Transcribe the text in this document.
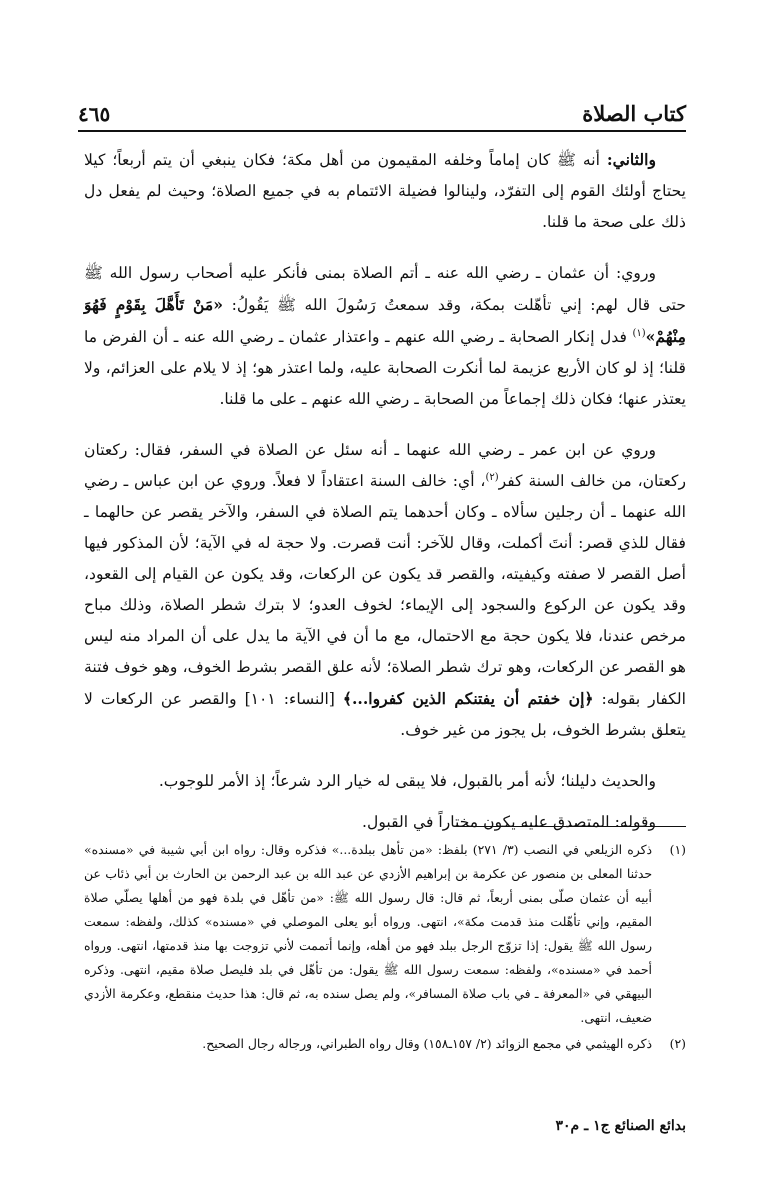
كتاب الصلاة
٤٦٥

والثاني: أنه ﷺ كان إماماً وخلفه المقيمون من أهل مكة؛ فكان ينبغي أن يتم أربعاً؛ كيلا يحتاج أولئك القوم إلى التفرّد، ولينالوا فضيلة الائتمام به في جميع الصلاة؛ وحيث لم يفعل دل ذلك على صحة ما قلنا.

وروي: أن عثمان ـ رضي الله عنه ـ أتم الصلاة بمنى فأنكر عليه أصحاب رسول الله ﷺ حتى قال لهم: إني تأهّلت بمكة، وقد سمعتُ رَسُولَ الله ﷺ يَقُولُ: «مَنْ تَأَهَّلَ بِقَوْمٍ فَهُوَ مِنْهُمْ»$^{(١)}$ فدل إنكار الصحابة ـ رضي الله عنهم ـ واعتذار عثمان ـ رضي الله عنه ـ أن الفرض ما قلنا؛ إذ لو كان الأربع عزيمة لما أنكرت الصحابة عليه، ولما اعتذر هو؛ إذ لا يلام على العزائم، ولا يعتذر عنها؛ فكان ذلك إجماعاً من الصحابة ـ رضي الله عنهم ـ على ما قلنا.

وروي عن ابن عمر ـ رضي الله عنهما ـ أنه سئل عن الصلاة في السفر، فقال: ركعتان ركعتان، من خالف السنة كفر$^{(٢)}$، أي: خالف السنة اعتقاداً لا فعلاً. وروي عن ابن عباس ـ رضي الله عنهما ـ أن رجلين سألاه ـ وكان أحدهما يتم الصلاة في السفر، والآخر يقصر عن حالهما ـ فقال للذي قصر: أنتَ أكملت، وقال للآخر: أنت قصرت. ولا حجة له في الآية؛ لأن المذكور فيها أصل القصر لا صفته وكيفيته، والقصر قد يكون عن الركعات، وقد يكون عن القيام إلى القعود، وقد يكون عن الركوع والسجود إلى الإيماء؛ لخوف العدو؛ لا بترك شطر الصلاة، وذلك مباح مرخص عندنا، فلا يكون حجة مع الاحتمال، مع ما أن في الآية ما يدل على أن المراد منه ليس هو القصر عن الركعات، وهو ترك شطر الصلاة؛ لأنه علق القصر بشرط الخوف، وهو خوف فتنة الكفار بقوله: ﴿إن خفتم أن يفتنكم الذين كفروا...﴾ [النساء: ١٠١] والقصر عن الركعات لا يتعلق بشرط الخوف، بل يجوز من غير خوف.

والحديث دليلنا؛ لأنه أمر بالقبول، فلا يبقى له خيار الرد شرعاً؛ إذ الأمر للوجوب.

وقوله: المتصدق عليه يكون مختاراً في القبول.

(١)
ذكره الزيلعي في النصب (٣/ ٢٧١) بلفظ: «من تأهل ببلدة...» فذكره وقال: رواه ابن أبي شيبة في «مسنده» حدثنا المعلى بن منصور عن عكرمة بن إبراهيم الأزدي عن عبد الله بن عبد الرحمن بن الحارث بن أبي ذئاب عن أبيه أن عثمان صلّى بمنى أربعاً، ثم قال: قال رسول الله ﷺ: «من تأهّل في بلدة فهو من أهلها يصلّي صلاة المقيم، وإني تأهّلت منذ قدمت مكة»، انتهى. ورواه أبو يعلى الموصلي في «مسنده» كذلك، ولفظه: سمعت رسول الله ﷺ يقول: إذا تزوّج الرجل ببلد فهو من أهله، وإنما أتممت لأني تزوجت بها منذ قدمتها، انتهى. ورواه أحمد في «مسنده»، ولفظه: سمعت رسول الله ﷺ يقول: من تأهّل في بلد فليصل صلاة مقيم، انتهى. وذكره البيهقي في «المعرفة ـ في باب صلاة المسافر»، ولم يصل سنده به، ثم قال: هذا حديث منقطع، وعكرمة الأزدي ضعيف، انتهى.
(٢)
ذكره الهيثمي في مجمع الزوائد (٢/ ١٥٧ـ١٥٨) وقال رواه الطبراني، ورجاله رجال الصحيح.
بدائع الصنائع ج١ ـ م٣٠
